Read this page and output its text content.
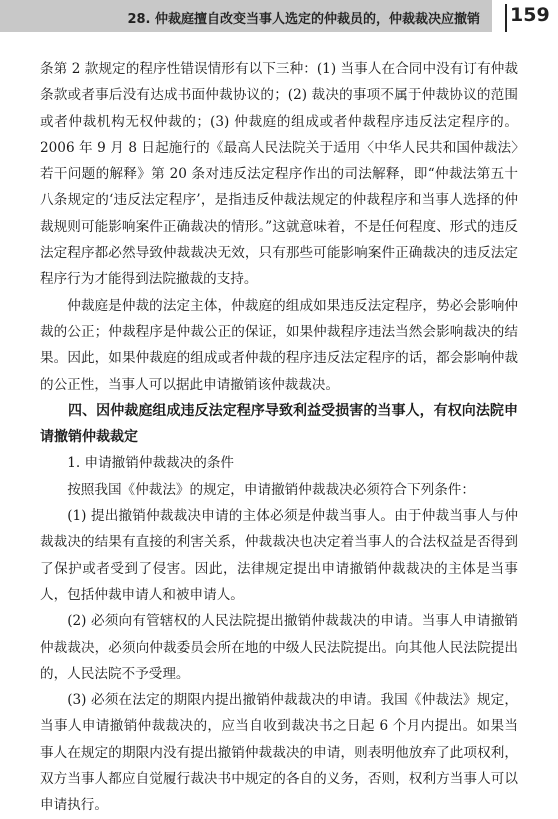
28. 仲裁庭擅自改变当事人选定的仲裁员的，仲裁裁决应撤销 159

条第 2 款规定的程序性错误情形有以下三种：(1) 当事人在合同中没有订有仲裁条款或者事后没有达成书面仲裁协议的；(2) 裁决的事项不属于仲裁协议的范围或者仲裁机构无权仲裁的；(3) 仲裁庭的组成或者仲裁程序违反法定程序的。2006 年 9 月 8 日起施行的《最高人民法院关于适用〈中华人民共和国仲裁法〉若干问题的解释》第 20 条对违反法定程序作出的司法解释，即“仲裁法第五十八条规定的‘违反法定程序’，是指违反仲裁法规定的仲裁程序和当事人选择的仲裁规则可能影响案件正确裁决的情形。”这就意味着，不是任何程度、形式的违反法定程序都必然导致仲裁裁决无效，只有那些可能影响案件正确裁决的违反法定程序行为才能得到法院撤裁的支持。

仲裁庭是仲裁的法定主体，仲裁庭的组成如果违反法定程序，势必会影响仲裁的公正；仲裁程序是仲裁公正的保证，如果仲裁程序违法当然会影响裁决的结果。因此，如果仲裁庭的组成或者仲裁的程序违反法定程序的话，都会影响仲裁的公正性，当事人可以据此申请撤销该仲裁裁决。

四、因仲裁庭组成违反法定程序导致利益受损害的当事人，有权向法院申请撤销仲裁裁定

1. 申请撤销仲裁裁决的条件

按照我国《仲裁法》的规定，申请撤销仲裁裁决必须符合下列条件：

(1) 提出撤销仲裁裁决申请的主体必须是仲裁当事人。由于仲裁当事人与仲裁裁决的结果有直接的利害关系，仲裁裁决也决定着当事人的合法权益是否得到了保护或者受到了侵害。因此，法律规定提出申请撤销仲裁裁决的主体是当事人，包括仲裁申请人和被申请人。

(2) 必须向有管辖权的人民法院提出撤销仲裁裁决的申请。当事人申请撤销仲裁裁决，必须向仲裁委员会所在地的中级人民法院提出。向其他人民法院提出的，人民法院不予受理。

(3) 必须在法定的期限内提出撤销仲裁裁决的申请。我国《仲裁法》规定，当事人申请撤销仲裁裁决的，应当自收到裁决书之日起 6 个月内提出。如果当事人在规定的期限内没有提出撤销仲裁裁决的申请，则表明他放弃了此项权利，双方当事人都应自觉履行裁决书中规定的各自的义务，否则，权利方当事人可以申请执行。
